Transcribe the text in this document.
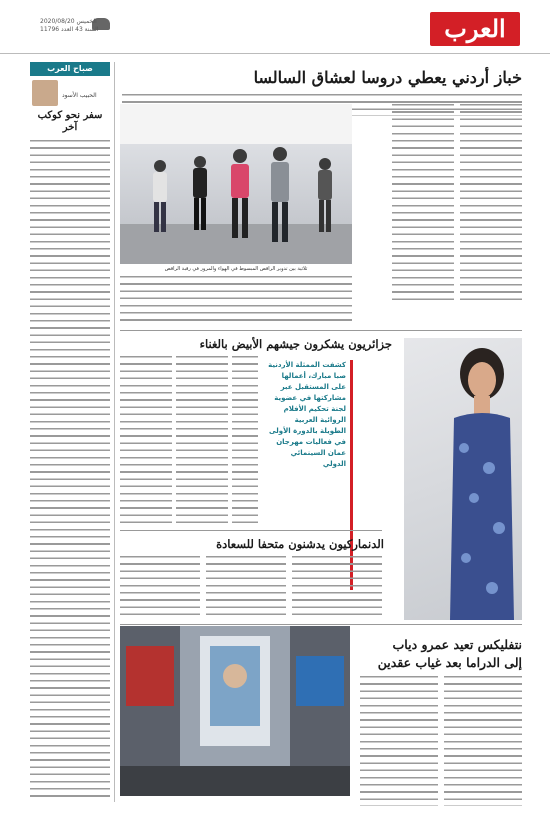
العرب
الخميس 2020/08/20
السنة 43 العدد 11796
صباح العرب
الحبيب الأسود
سفر نحو كوكب آخر
خباز أردني يعطي دروسا لعشاق السالسا
ثلاثية بين تدوير الراقص المبسوط في الهواء والمرور في رقبة الراقص
كشفت الممثلة الأردنية
صبا مبارك، أعمالها
على المستقبل عبر
مشاركتها في عضوية
لجنة تحكيم الأفلام
الروائية العربية
الطويلة بالدورة الأولى
في فعاليات مهرجان
عمان السينمائي
الدولي
جزائريون يشكرون جيشهم الأبيض بالغناء
الدنماركيون يدشنون متحفا للسعادة
نتفليكس تعيد عمرو دياب
إلى الدراما بعد غياب عقدين
